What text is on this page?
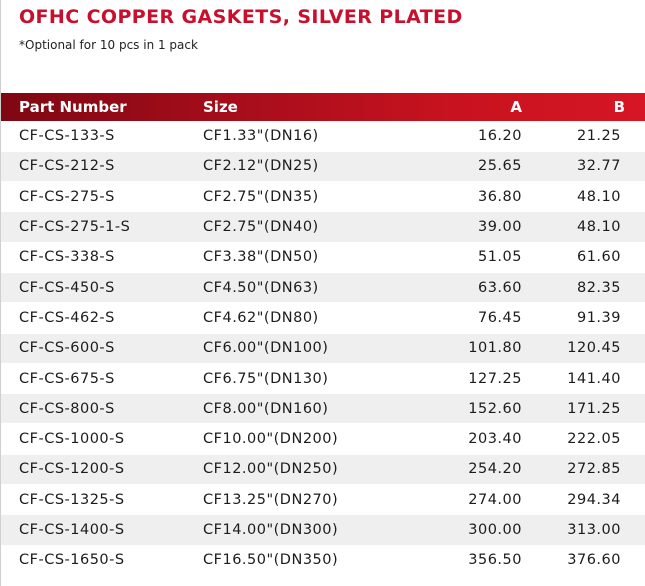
OFHC COPPER GASKETS, SILVER PLATED

*Optional for 10 pcs in 1 pack

Part Number	Size	A	B
CF-CS-133-S	CF1.33"(DN16)	16.20	21.25
CF-CS-212-S	CF2.12"(DN25)	25.65	32.77
CF-CS-275-S	CF2.75"(DN35)	36.80	48.10
CF-CS-275-1-S	CF2.75"(DN40)	39.00	48.10
CF-CS-338-S	CF3.38"(DN50)	51.05	61.60
CF-CS-450-S	CF4.50"(DN63)	63.60	82.35
CF-CS-462-S	CF4.62"(DN80)	76.45	91.39
CF-CS-600-S	CF6.00"(DN100)	101.80	120.45
CF-CS-675-S	CF6.75"(DN130)	127.25	141.40
CF-CS-800-S	CF8.00"(DN160)	152.60	171.25
CF-CS-1000-S	CF10.00"(DN200)	203.40	222.05
CF-CS-1200-S	CF12.00"(DN250)	254.20	272.85
CF-CS-1325-S	CF13.25"(DN270)	274.00	294.34
CF-CS-1400-S	CF14.00"(DN300)	300.00	313.00
CF-CS-1650-S	CF16.50"(DN350)	356.50	376.60
